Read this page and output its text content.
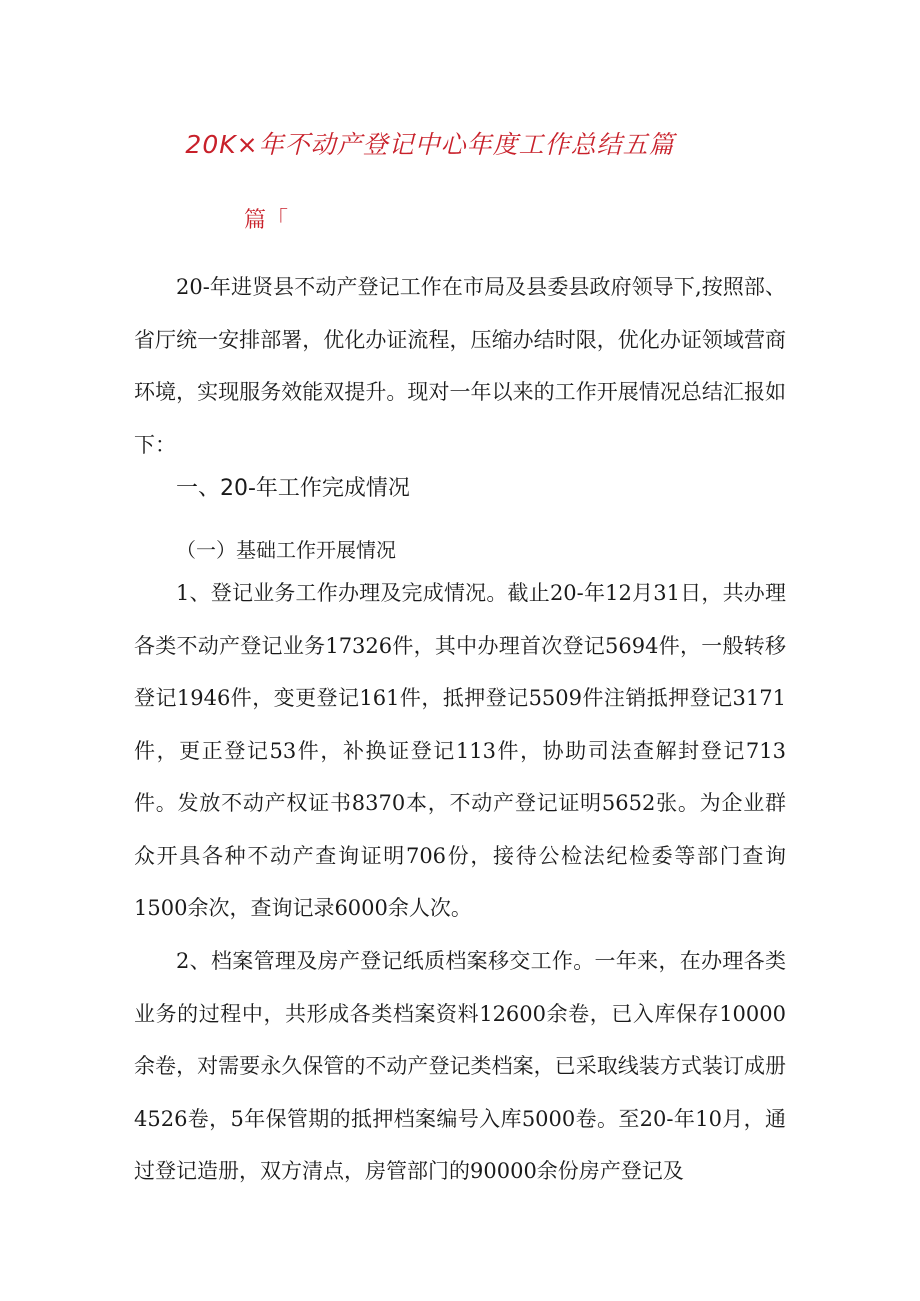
20K×年不动产登记中心年度工作总结五篇
篇「

20-年进贤县不动产登记工作在市局及县委县政府领导下,按照部、省厅统一安排部署，优化办证流程，压缩办结时限，优化办证领域营商环境，实现服务效能双提升。现对一年以来的工作开展情况总结汇报如下：

一、20-年工作完成情况
（一）基础工作开展情况

1、登记业务工作办理及完成情况。截止20-年12月31日，共办理各类不动产登记业务17326件，其中办理首次登记5694件，一般转移登记1946件，变更登记161件，抵押登记5509件注销抵押登记3171件，更正登记53件，补换证登记113件，协助司法查解封登记713件。发放不动产权证书8370本，不动产登记证明5652张。为企业群众开具各种不动产查询证明706份，接待公检法纪检委等部门查询1500余次，查询记录6000余人次。

2、档案管理及房产登记纸质档案移交工作。一年来，在办理各类业务的过程中，共形成各类档案资料12600余卷，已入库保存10000余卷，对需要永久保管的不动产登记类档案，已采取线装方式装订成册4526卷，5年保管期的抵押档案编号入库5000卷。至20-年10月，通过登记造册，双方清点，房管部门的90000余份房产登记及
